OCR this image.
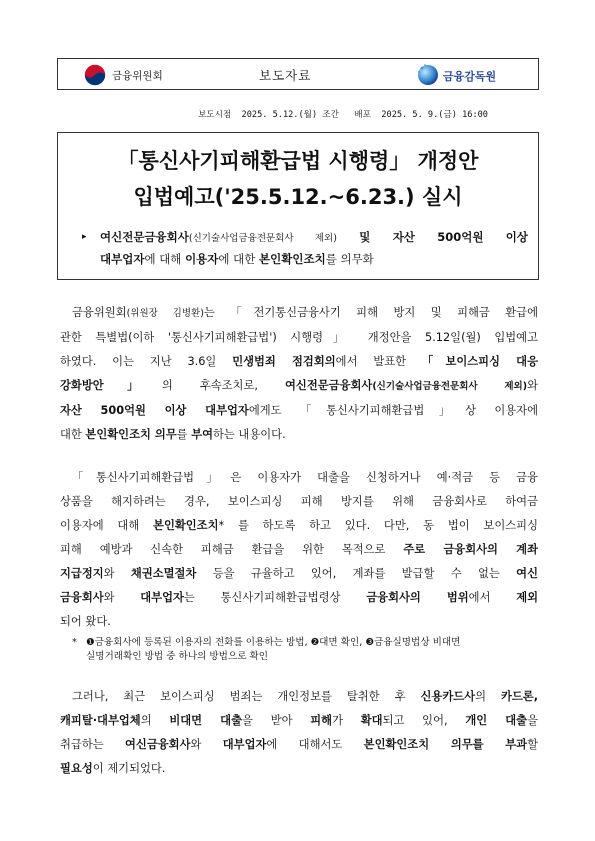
금융위원회	보도자료	금융감독원
보도시점  2025. 5.12.(월) 조간   배포  2025. 5. 9.(금) 16:00
「통신사기피해환급법 시행령」 개정안
입법예고('25.5.12.~6.23.) 실시
▸ 여신전문금융회사(신기술사업금융전문회사 제외) 및 자산 500억원 이상
대부업자에 대해 이용자에 대한 본인확인조치를 의무화
금융위원회(위원장 김병환)는 「전기통신금융사기 피해 방지 및 피해금 환급에
관한 특별법(이하 '통신사기피해환급법') 시행령」 개정안을 5.12일(월) 입법예고
하였다. 이는 지난 3.6일 민생범죄 점검회의에서 발표한 「보이스피싱 대응
강화방안」의 후속조치로, 여신전문금융회사(신기술사업금융전문회사 제외)와
자산 500억원 이상 대부업자에게도 「통신사기피해환급법」상 이용자에
대한 본인확인조치 의무를 부여하는 내용이다.
「통신사기피해환급법」은 이용자가 대출을 신청하거나 예·적금 등 금융
상품을 해지하려는 경우, 보이스피싱 피해 방지를 위해 금융회사로 하여금
이용자에 대해 본인확인조치* 를 하도록 하고 있다. 다만, 동 법이 보이스피싱
피해 예방과 신속한 피해금 환급을 위한 목적으로 주로 금융회사의 계좌
지급정지와 채권소멸절차 등을 규율하고 있어, 계좌를 발급할 수 없는 여신
금융회사와 대부업자는 통신사기피해환급법령상 금융회사의 범위에서 제외
되어 왔다.
* ❶금융회사에 등록된 이용자의 전화를 이용하는 방법, ❷대면 확인, ❸금융실명법상 비대면
실명거래확인 방법 중 하나의 방법으로 확인
그러나, 최근 보이스피싱 범죄는 개인정보를 탈취한 후 신용카드사의 카드론,
캐피탈·대부업체의 비대면 대출을 받아 피해가 확대되고 있어, 개인 대출을
취급하는 여신금융회사와 대부업자에 대해서도 본인확인조치 의무를 부과할
필요성이 제기되었다.
